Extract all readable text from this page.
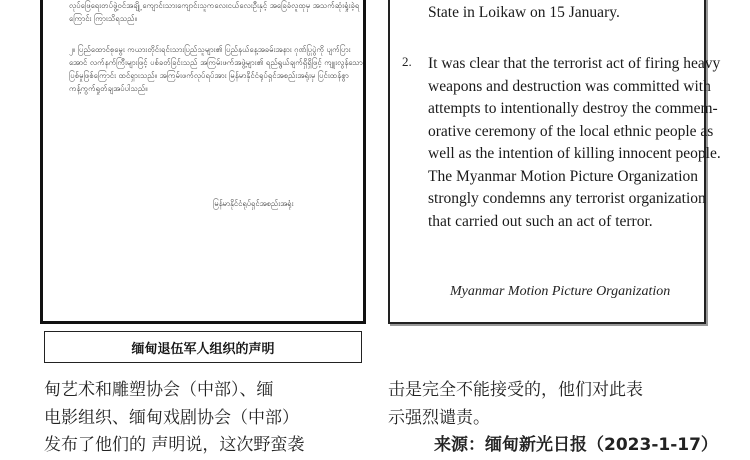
လုပ်ဖြေရေးတပ်ဖွဲ့ဝင်အချို့ ကျောင်းသားကျောင်းသူကလေးငယ်လေးဦးနှင့် အခြေခံလူထုမှ အသက်ဆုံးရှုံးခဲ့ရကြောင်း ကြားသိရသည်။
၂။ ပြည်ထောင်စုမွေး ကယားတိုင်းရင်းသားပြည်သူများ၏ ပြည်နယ်နေ့အခမ်းအနား ဂုဏ်ပြုပွဲကို ပျက်ပြားအောင် လက်နက်ကြီးများဖြင့် ပစ်ခတ်ခြင်းသည် အကြမ်းဖက်အဖွဲ့များ၏ ရည်ရွယ်ချက်ရှိရှိဖြင့် ကျူးလွန်သော ပြစ်မှုဖြစ်ကြောင်း ထင်ရှားသည်။ အကြမ်းဖက်လုပ်ရပ်အား မြန်မာနိုင်ငံရုပ်ရှင်အစည်းအရုံးမှ ပြင်းထန်စွာကန့်ကွက်ရှုတ်ချအပ်ပါသည်။
မြန်မာနိုင်ငံရုပ်ရှင်အစည်းအရုံး
缅甸退伍军人组织的声明
State in Loikaw on 15 January.
2. It was clear that the terrorist act of firing heavy
weapons and destruction was committed with
attempts to intentionally destroy the commem-
orative ceremony of the local ethnic people as
well as the intention of killing innocent people.
The Myanmar Motion Picture Organization
strongly condemns any terrorist organization
that carried out such an act of terror.
Myanmar Motion Picture Organization
甸艺术和雕塑协会（中部）、缅
电影组织、缅甸戏剧协会（中部）
发布了他们的 声明说，这次野蛮袭
击是完全不能接受的，他们对此表
示强烈谴责。
来源：缅甸新光日报（2023-1-17）
